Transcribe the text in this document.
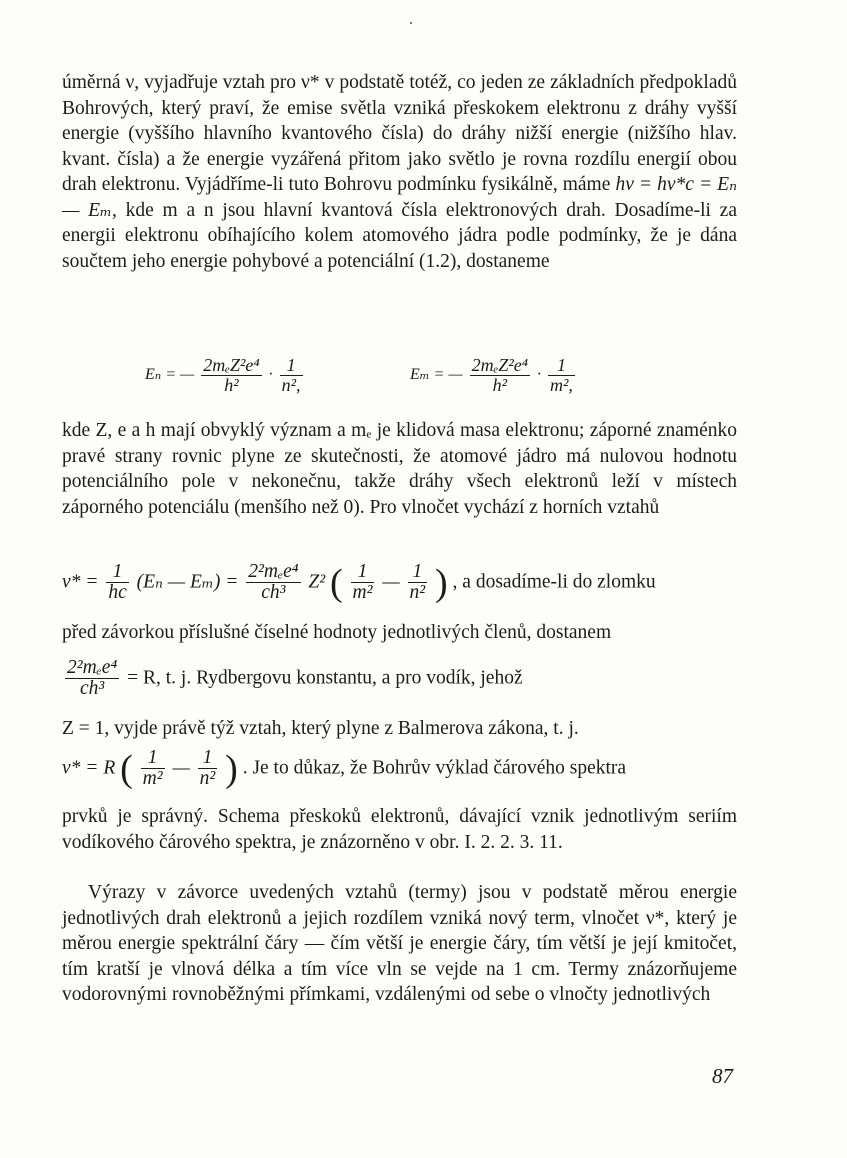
úměrná ν, vyjadřuje vztah pro ν* v podstatě totéž, co jeden ze základních předpokladů Bohrových, který praví, že emise světla vzniká přeskokem elektronu z dráhy vyšší energie (vyššího hlavního kvantového čísla) do dráhy nižší energie (nižšího hlav. kvant. čísla) a že energie vyzářená přitom jako světlo je rovna rozdílu energií obou drah elektronu. Vyjádříme-li tuto Bohrovu podmínku fysikálně, máme hν = hν*c = Eₙ — Eₘ, kde m a n jsou hlavní kvantová čísla elektronových drah. Dosadíme-li za energii elektronu obíhajícího kolem atomového jádra podle podmínky, že je dána součtem jeho energie pohybové a potenciální (1.2), dostaneme

Eₙ = — $\frac{\text{2mₑZ²e⁴}}{\text{h²}} \cdot \frac{1}{\text{n²,}}$	Eₘ = — $\frac{\text{2mₑZ²e⁴}}{\text{h²}} \cdot \frac{1}{\text{m²,}}$

kde Z, e a h mají obvyklý význam a mₑ je klidová masa elektronu; záporné znaménko pravé strany rovnic plyne ze skutečnosti, že atomové jádro má nulovou hodnotu potenciálního pole v nekonečnu, takže dráhy všech elektronů leží v místech záporného potenciálu (menšího než 0). Pro vlnočet vychází z horních vztahů

$\nu* = \frac{1}{hc} (E_n$ — $E_m) = \frac{\text{2²mₑe⁴}}{\text{ch³}} Z^2$ ( $\frac{1}{\text{m²}}$ — $\frac{1}{\text{n²}}$ ) , a dosadíme-li do zlomku

před závorkou příslušné číselné hodnoty jednotlivých členů, dostanem

$\frac{\text{2²mₑe⁴}}{\text{ch³}} = R$, t. j. Rydbergovu konstantu, a pro vodík, jehož

Z = 1, vyjde právě týž vztah, který plyne z Balmerova zákona, t. j.

ν* = R ( $\frac{1}{\text{m²}}$ — $\frac{1}{\text{n²}}$ ) . Je to důkaz, že Bohrův výklad čárového spektra

prvků je správný. Schema přeskoků elektronů, dávající vznik jednotlivým seriím vodíkového čárového spektra, je znázorněno v obr. I. 2. 2. 3. 11.

Výrazy v závorce uvedených vztahů (termy) jsou v podstatě měrou energie jednotlivých drah elektronů a jejich rozdílem vzniká nový term, vlnočet ν*, který je měrou energie spektrální čáry — čím větší je energie čáry, tím větší je její kmitočet, tím kratší je vlnová délka a tím více vln se vejde na 1 cm. Termy znázorňujeme vodorovnými rovnoběžnými přímkami, vzdálenými od sebe o vlnočty jednotlivých

87
